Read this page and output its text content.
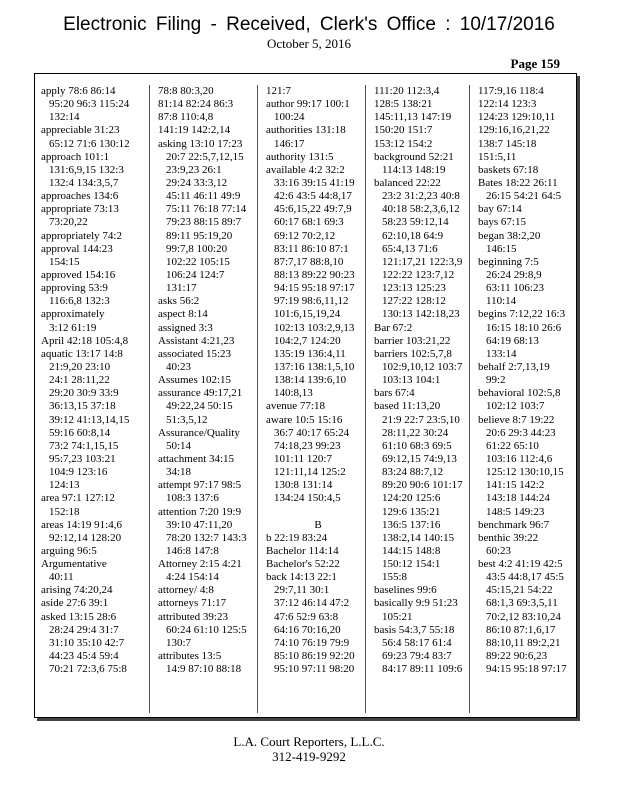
Electronic Filing - Received, Clerk's Office : 10/17/2016
October 5, 2016
Page 159
apply 78:6 86:14
95:20 96:3 115:24
132:14
appreciable 31:23
65:12 71:6 130:12
approach 101:1
131:6,9,15 132:3
132:4 134:3,5,7
approaches 134:6
appropriate 73:13
73:20,22
appropriately 74:2
approval 144:23
154:15
approved 154:16
approving 53:9
116:6,8 132:3
approximately
3:12 61:19
April 42:18 105:4,8
aquatic 13:17 14:8
21:9,20 23:10
24:1 28:11,22
29:20 30:9 33:9
36:13,15 37:18
39:12 41:13,14,15
59:16 60:8,14
73:2 74:1,15,15
95:7,23 103:21
104:9 123:16
124:13
area 97:1 127:12
152:18
areas 14:19 91:4,6
92:12,14 128:20
arguing 96:5
Argumentative
40:11
arising 74:20,24
aside 27:6 39:1
asked 13:15 28:6
28:24 29:4 31:7
31:10 35:10 42:7
44:23 45:4 59:4
70:21 72:3,6 75:8
78:8 80:3,20
81:14 82:24 86:3
87:8 110:4,8
141:19 142:2,14
asking 13:10 17:23
20:7 22:5,7,12,15
23:9,23 26:1
29:24 33:3,12
45:11 46:11 49:9
75:11 76:18 77:14
79:23 88:15 89:7
89:11 95:19,20
99:7,8 100:20
102:22 105:15
106:24 124:7
131:17
asks 56:2
aspect 8:14
assigned 3:3
Assistant 4:21,23
associated 15:23
40:23
Assumes 102:15
assurance 49:17,21
49:22,24 50:15
51:3,5,12
Assurance/Quality
50:14
attachment 34:15
34:18
attempt 97:17 98:5
108:3 137:6
attention 7:20 19:9
39:10 47:11,20
78:20 132:7 143:3
146:8 147:8
Attorney 2:15 4:21
4:24 154:14
attorney/ 4:8
attorneys 71:17
attributed 39:23
60:24 61:10 125:5
130:7
attributes 13:5
14:9 87:10 88:18
121:7
author 99:17 100:1
100:24
authorities 131:18
146:17
authority 131:5
available 4:2 32:2
33:16 39:15 41:19
42:6 43:5 44:8,17
45:6,15,22 49:7,9
60:17 68:1 69:3
69:12 70:2,12
83:11 86:10 87:1
87:7,17 88:8,10
88:13 89:22 90:23
94:15 95:18 97:17
97:19 98:6,11,12
101:6,15,19,24
102:13 103:2,9,13
104:2,7 124:20
135:19 136:4,11
137:16 138:1,5,10
138:14 139:6,10
140:8,13
avenue 77:18
aware 10:5 15:16
36:7 40:17 65:24
74:18,23 99:23
101:11 120:7
121:11,14 125:2
130:8 131:14
134:24 150:4,5
B
b 22:19 83:24
Bachelor 114:14
Bachelor's 52:22
back 14:13 22:1
29:7,11 30:1
37:12 46:14 47:2
47:6 52:9 63:8
64:16 70:16,20
74:10 76:19 79:9
85:10 86:19 92:20
95:10 97:11 98:20
111:20 112:3,4
128:5 138:21
145:11,13 147:19
150:20 151:7
153:12 154:2
background 52:21
114:13 148:19
balanced 22:22
23:2 31:2,23 40:8
40:18 58:2,3,6,12
58:23 59:12,14
62:10,18 64:9
65:4,13 71:6
121:17,21 122:3,9
122:22 123:7,12
123:13 125:23
127:22 128:12
130:13 142:18,23
Bar 67:2
barrier 103:21,22
barriers 102:5,7,8
102:9,10,12 103:7
103:13 104:1
bars 67:4
based 11:13,20
21:9 22:7 23:5,10
28:11,22 30:24
61:10 68:3 69:5
69:12,15 74:9,13
83:24 88:7,12
89:20 90:6 101:17
124:20 125:6
129:6 135:21
136:5 137:16
138:2,14 140:15
144:15 148:8
150:12 154:1
155:8
baselines 99:6
basically 9:9 51:23
105:21
basis 54:3,7 55:18
56:4 58:17 61:4
69:23 79:4 83:7
84:17 89:11 109:6
117:9,16 118:4
122:14 123:3
124:23 129:10,11
129:16,16,21,22
138:7 145:18
151:5,11
baskets 67:18
Bates 18:22 26:11
26:15 54:21 64:5
bay 67:14
bays 67:15
began 38:2,20
146:15
beginning 7:5
26:24 29:8,9
63:11 106:23
110:14
begins 7:12,22 16:3
16:15 18:10 26:6
64:19 68:13
133:14
behalf 2:7,13,19
99:2
behavioral 102:5,8
102:12 103:7
believe 8:7 19:22
20:6 29:3 44:23
61:22 65:10
103:16 112:4,6
125:12 130:10,15
141:15 142:2
143:18 144:24
148:5 149:23
benchmark 96:7
benthic 39:22
60:23
best 4:2 41:19 42:5
43:5 44:8,17 45:5
45:15,21 54:22
68:1,3 69:3,5,11
70:2,12 83:10,24
86:10 87:1,6,17
88:10,11 89:2,21
89:22 90:6,23
94:15 95:18 97:17
L.A. Court Reporters, L.L.C.
312-419-9292
